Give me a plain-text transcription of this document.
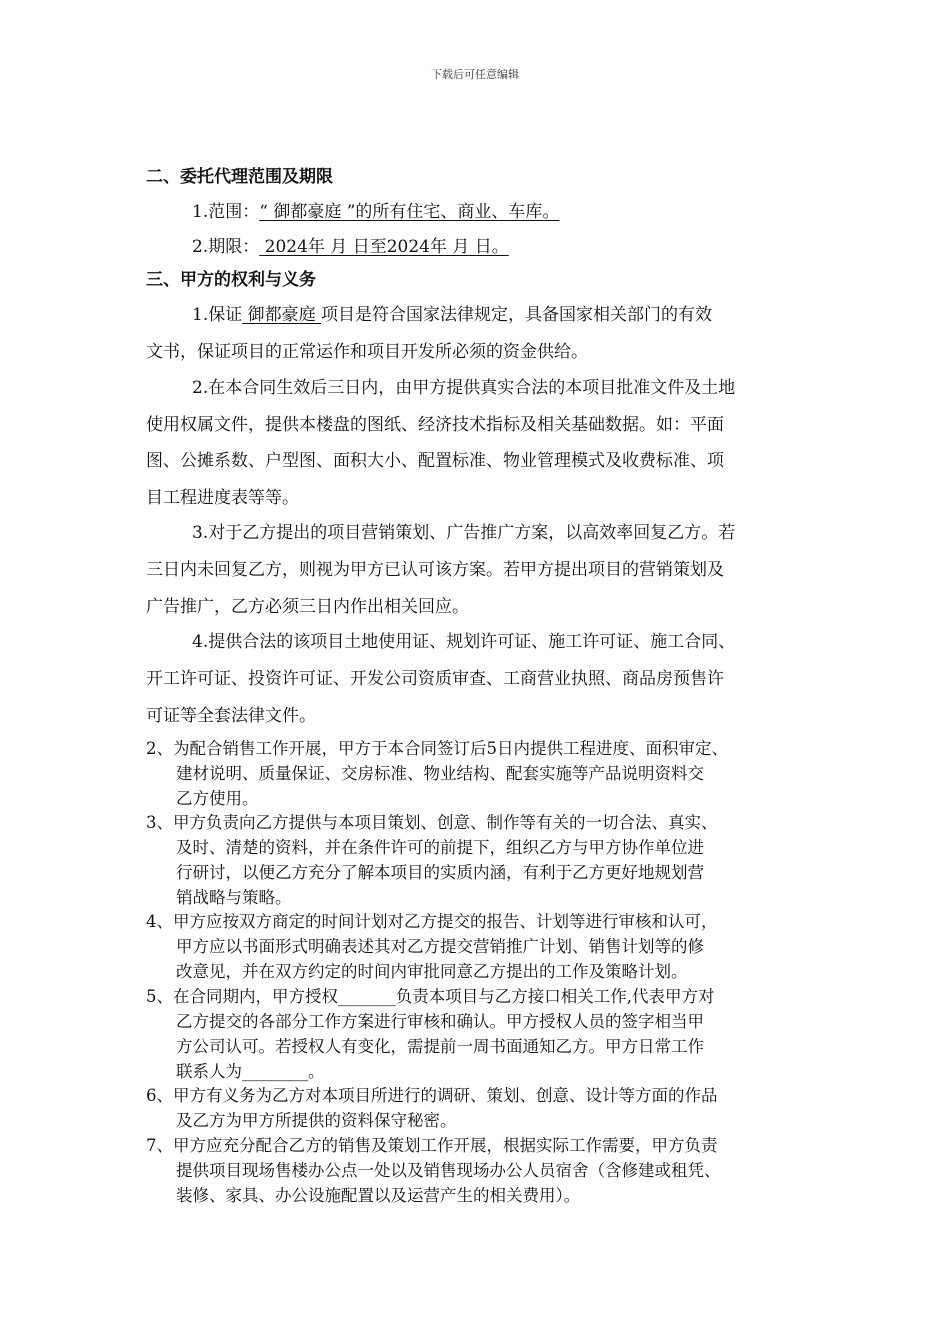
下载后可任意编辑
二、委托代理范围及期限
1.范围：“ 御都豪庭 ”的所有住宅、商业、车库。
2.期限： 2024年 月 日至2024年 月 日。
三、甲方的权利与义务
1.保证 御都豪庭 项目是符合国家法律规定，具备国家相关部门的有效
文书，保证项目的正常运作和项目开发所必须的资金供给。
2.在本合同生效后三日内，由甲方提供真实合法的本项目批准文件及土地
使用权属文件，提供本楼盘的图纸、经济技术指标及相关基础数据。如：平面
图、公摊系数、户型图、面积大小、配置标准、物业管理模式及收费标准、项
目工程进度表等等。
3.对于乙方提出的项目营销策划、广告推广方案，以高效率回复乙方。若
三日内未回复乙方，则视为甲方已认可该方案。若甲方提出项目的营销策划及
广告推广，乙方必须三日内作出相关回应。
4.提供合法的该项目土地使用证、规划许可证、施工许可证、施工合同、
开工许可证、投资许可证、开发公司资质审查、工商营业执照、商品房预售许
可证等全套法律文件。
2、为配合销售工作开展，甲方于本合同签订后5日内提供工程进度、面积审定、
建材说明、质量保证、交房标准、物业结构、配套实施等产品说明资料交
乙方使用。
3、甲方负责向乙方提供与本项目策划、创意、制作等有关的一切合法、真实、
及时、清楚的资料，并在条件许可的前提下，组织乙方与甲方协作单位进
行研讨，以便乙方充分了解本项目的实质内涵，有利于乙方更好地规划营
销战略与策略。
4、甲方应按双方商定的时间计划对乙方提交的报告、计划等进行审核和认可，
甲方应以书面形式明确表述其对乙方提交营销推广计划、销售计划等的修
改意见，并在双方约定的时间内审批同意乙方提出的工作及策略计划。
5、在合同期内，甲方授权_______负责本项目与乙方接口相关工作,代表甲方对
乙方提交的各部分工作方案进行审核和确认。甲方授权人员的签字相当甲
方公司认可。若授权人有变化，需提前一周书面通知乙方。甲方日常工作
联系人为________。
6、甲方有义务为乙方对本项目所进行的调研、策划、创意、设计等方面的作品
及乙方为甲方所提供的资料保守秘密。
7、甲方应充分配合乙方的销售及策划工作开展，根据实际工作需要，甲方负责
提供项目现场售楼办公点一处以及销售现场办公人员宿舍（含修建或租凭、
装修、家具、办公设施配置以及运营产生的相关费用）。
